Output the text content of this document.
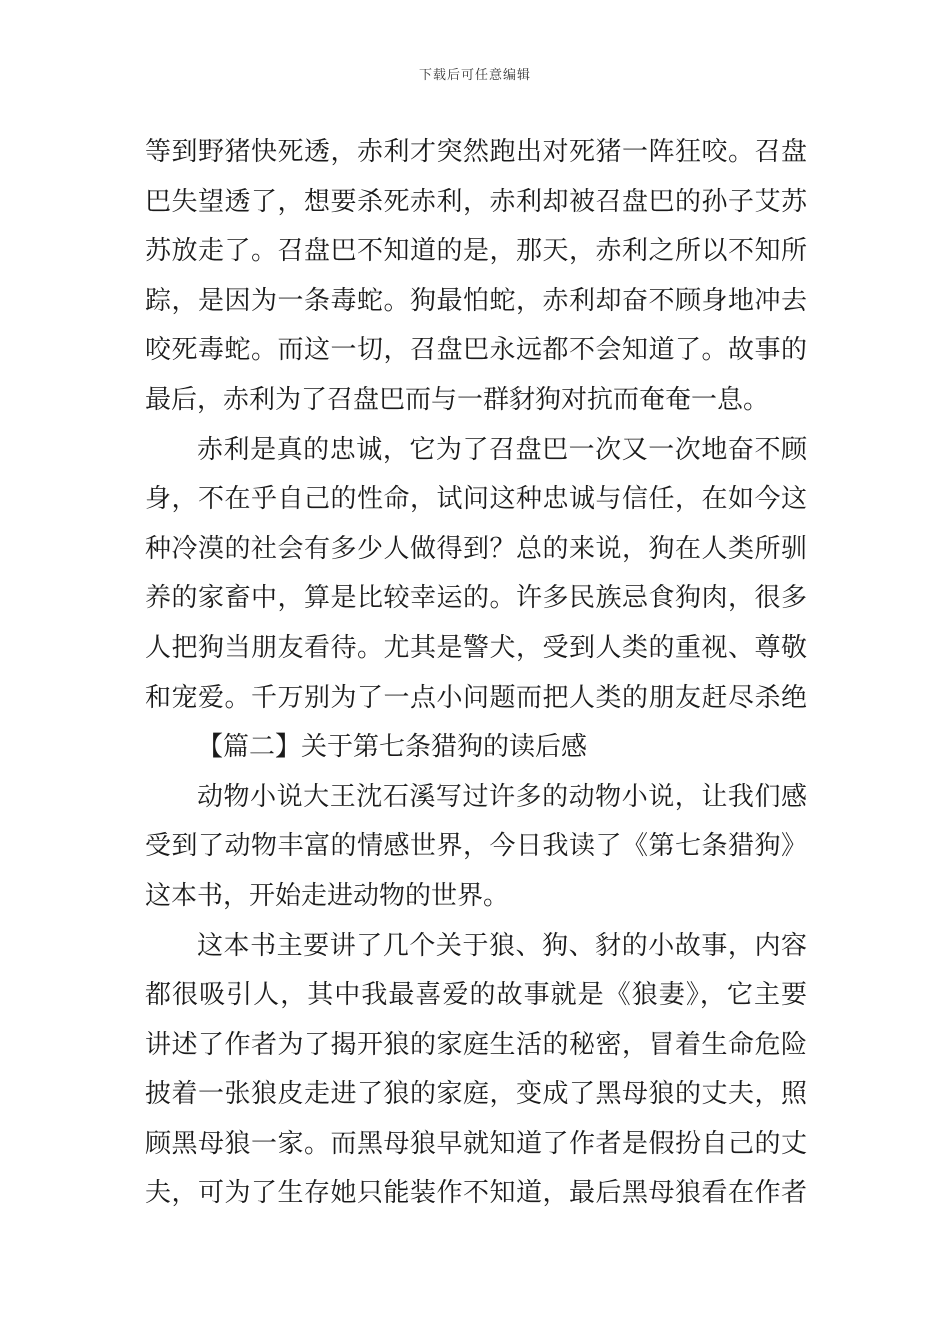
下载后可任意编辑
等到野猪快死透，赤利才突然跑出对死猪一阵狂咬。召盘
巴失望透了，想要杀死赤利，赤利却被召盘巴的孙子艾苏
苏放走了。召盘巴不知道的是，那天，赤利之所以不知所
踪，是因为一条毒蛇。狗最怕蛇，赤利却奋不顾身地冲去
咬死毒蛇。而这一切，召盘巴永远都不会知道了。故事的
最后，赤利为了召盘巴而与一群豺狗对抗而奄奄一息。
赤利是真的忠诚，它为了召盘巴一次又一次地奋不顾
身，不在乎自己的性命，试问这种忠诚与信任，在如今这
种冷漠的社会有多少人做得到？总的来说，狗在人类所驯
养的家畜中，算是比较幸运的。许多民族忌食狗肉，很多
人把狗当朋友看待。尤其是警犬，受到人类的重视、尊敬
和宠爱。千万别为了一点小问题而把人类的朋友赶尽杀绝
【篇二】关于第七条猎狗的读后感
动物小说大王沈石溪写过许多的动物小说，让我们感
受到了动物丰富的情感世界，今日我读了《第七条猎狗》
这本书，开始走进动物的世界。
这本书主要讲了几个关于狼、狗、豺的小故事，内容
都很吸引人，其中我最喜爱的故事就是《狼妻》，它主要
讲述了作者为了揭开狼的家庭生活的秘密，冒着生命危险
披着一张狼皮走进了狼的家庭，变成了黑母狼的丈夫，照
顾黑母狼一家。而黑母狼早就知道了作者是假扮自己的丈
夫，可为了生存她只能装作不知道，最后黑母狼看在作者
